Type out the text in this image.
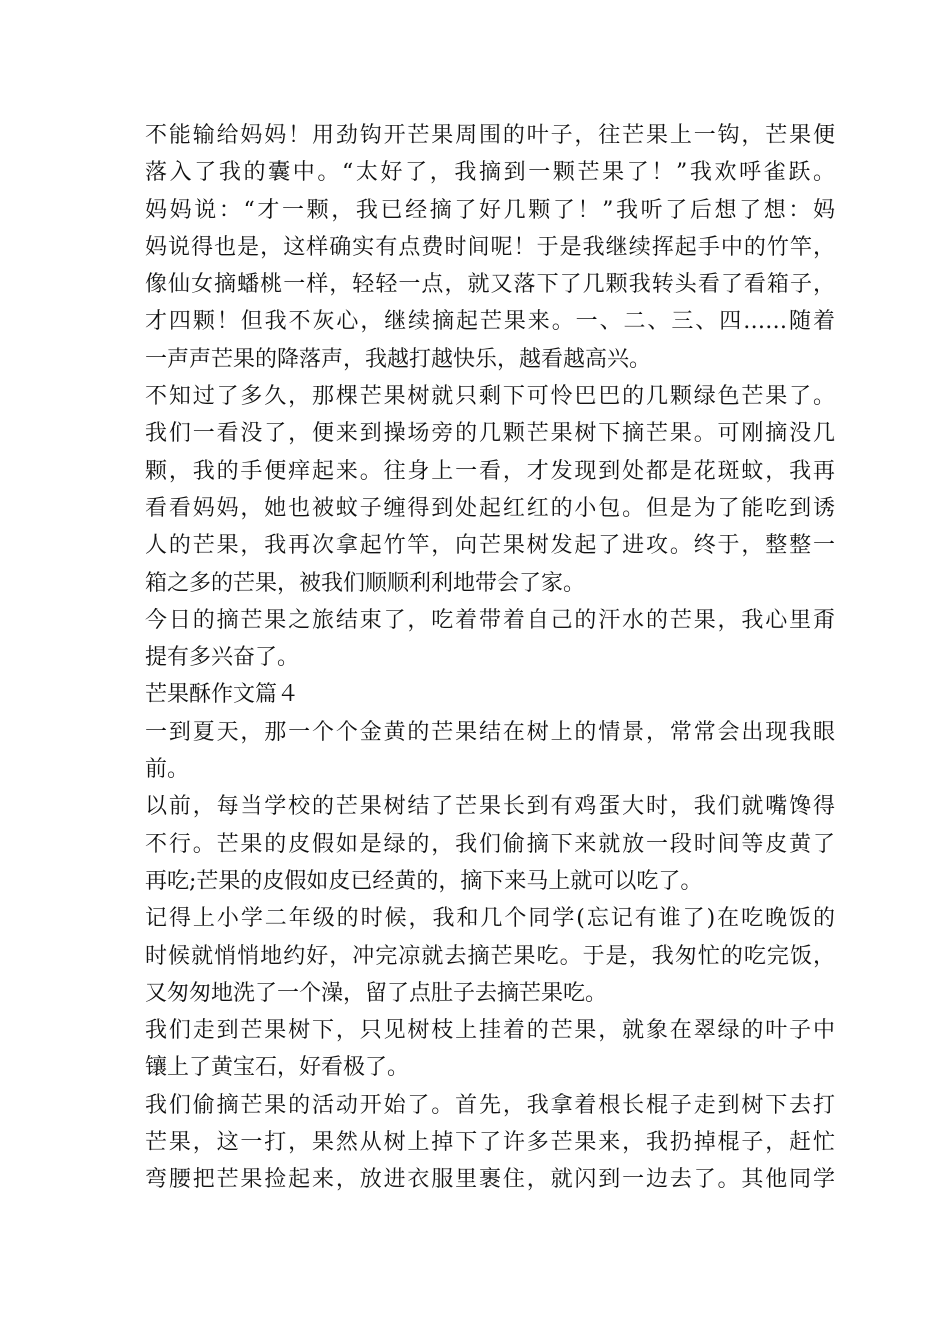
不能输给妈妈！用劲钩开芒果周围的叶子，往芒果上一钩，芒果便
落入了我的囊中。“太好了，我摘到一颗芒果了！”我欢呼雀跃。
妈妈说：“才一颗，我已经摘了好几颗了！”我听了后想了想：妈
妈说得也是，这样确实有点费时间呢！于是我继续挥起手中的竹竿，
像仙女摘蟠桃一样，轻轻一点，就又落下了几颗我转头看了看箱子，
才四颗！但我不灰心，继续摘起芒果来。一、二、三、四……随着
一声声芒果的降落声，我越打越快乐，越看越高兴。
不知过了多久，那棵芒果树就只剩下可怜巴巴的几颗绿色芒果了。
我们一看没了，便来到操场旁的几颗芒果树下摘芒果。可刚摘没几
颗，我的手便痒起来。往身上一看，才发现到处都是花斑蚊，我再
看看妈妈，她也被蚊子缠得到处起红红的小包。但是为了能吃到诱
人的芒果，我再次拿起竹竿，向芒果树发起了进攻。终于，整整一
箱之多的芒果，被我们顺顺利利地带会了家。
今日的摘芒果之旅结束了，吃着带着自己的汗水的芒果，我心里甭
提有多兴奋了。
芒果酥作文篇４
一到夏天，那一个个金黄的芒果结在树上的情景，常常会出现我眼
前。
以前，每当学校的芒果树结了芒果长到有鸡蛋大时，我们就嘴馋得
不行。芒果的皮假如是绿的，我们偷摘下来就放一段时间等皮黄了
再吃;芒果的皮假如皮已经黄的，摘下来马上就可以吃了。
记得上小学二年级的时候，我和几个同学(忘记有谁了)在吃晚饭的
时候就悄悄地约好，冲完凉就去摘芒果吃。于是，我匆忙的吃完饭，
又匆匆地洗了一个澡，留了点肚子去摘芒果吃。
我们走到芒果树下，只见树枝上挂着的芒果，就象在翠绿的叶子中
镶上了黄宝石，好看极了。
我们偷摘芒果的活动开始了。首先，我拿着根长棍子走到树下去打
芒果，这一打，果然从树上掉下了许多芒果来，我扔掉棍子，赶忙
弯腰把芒果捡起来，放进衣服里裹住，就闪到一边去了。其他同学
